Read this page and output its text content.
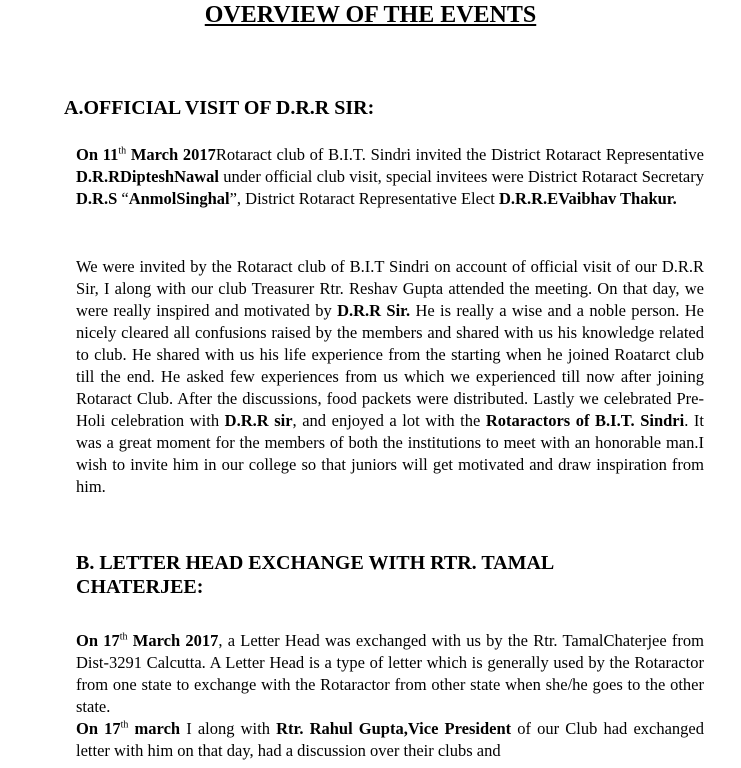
OVERVIEW OF THE EVENTS
A.OFFICIAL VISIT OF D.R.R SIR:

On 11th March 2017Rotaract club of B.I.T. Sindri invited the District Rotaract Representative D.R.RDipteshNawal under official club visit, special invitees were District Rotaract Secretary D.R.S “AnmolSinghal”, District Rotaract Representative Elect D.R.R.EVaibhav Thakur.

We were invited by the Rotaract club of B.I.T Sindri on account of official visit of our D.R.R Sir, I along with our club Treasurer Rtr. Reshav Gupta attended the meeting. On that day, we were really inspired and motivated by D.R.R Sir. He is really a wise and a noble person. He nicely cleared all confusions raised by the members and shared with us his knowledge related to club. He shared with us his life experience from the starting when he joined Roatarct club till the end. He asked few experiences from us which we experienced till now after joining Rotaract Club. After the discussions, food packets were distributed. Lastly we celebrated Pre-Holi celebration with D.R.R sir, and enjoyed a lot with the Rotaractors of B.I.T. Sindri. It was a great moment for the members of both the institutions to meet with an honorable man.I wish to invite him in our college so that juniors will get motivated and draw inspiration from him.

B. LETTER HEAD EXCHANGE WITH RTR. TAMAL
CHATERJEE:

On 17th March 2017, a Letter Head was exchanged with us by the Rtr. TamalChaterjee from Dist-3291 Calcutta. A Letter Head is a type of letter which is generally used by the Rotaractor from one state to exchange with the Rotaractor from other state when she/he goes to the other state.

On 17th march I along with Rtr. Rahul Gupta,Vice President of our Club had exchanged letter with him on that day, had a discussion over their clubs and
